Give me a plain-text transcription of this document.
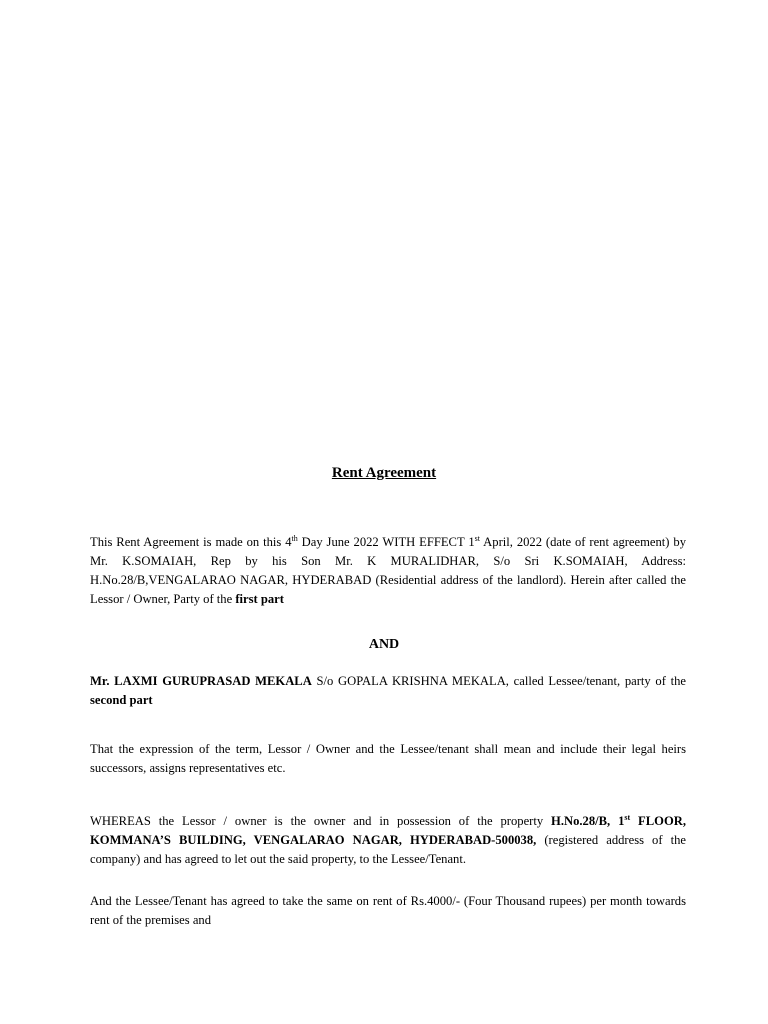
Rent Agreement

This Rent Agreement is made on this 4th Day June 2022 WITH EFFECT 1st April, 2022 (date of rent agreement) by Mr. K.SOMAIAH, Rep by his Son Mr. K MURALIDHAR, S/o Sri K.SOMAIAH, Address: H.No.28/B,VENGALARAO NAGAR, HYDERABAD (Residential address of the landlord). Herein after called the Lessor / Owner, Party of the first part

AND

Mr. LAXMI GURUPRASAD MEKALA S/o GOPALA KRISHNA MEKALA, called Lessee/tenant, party of the second part

That the expression of the term, Lessor / Owner and the Lessee/tenant shall mean and include their legal heirs successors, assigns representatives etc.

WHEREAS the Lessor / owner is the owner and in possession of the property H.No.28/B, 1st FLOOR, KOMMANA’S BUILDING, VENGALARAO NAGAR, HYDERABAD-500038, (registered address of the company) and has agreed to let out the said property, to the Lessee/Tenant.

And the Lessee/Tenant has agreed to take the same on rent of Rs.4000/- (Four Thousand rupees) per month towards rent of the premises and
